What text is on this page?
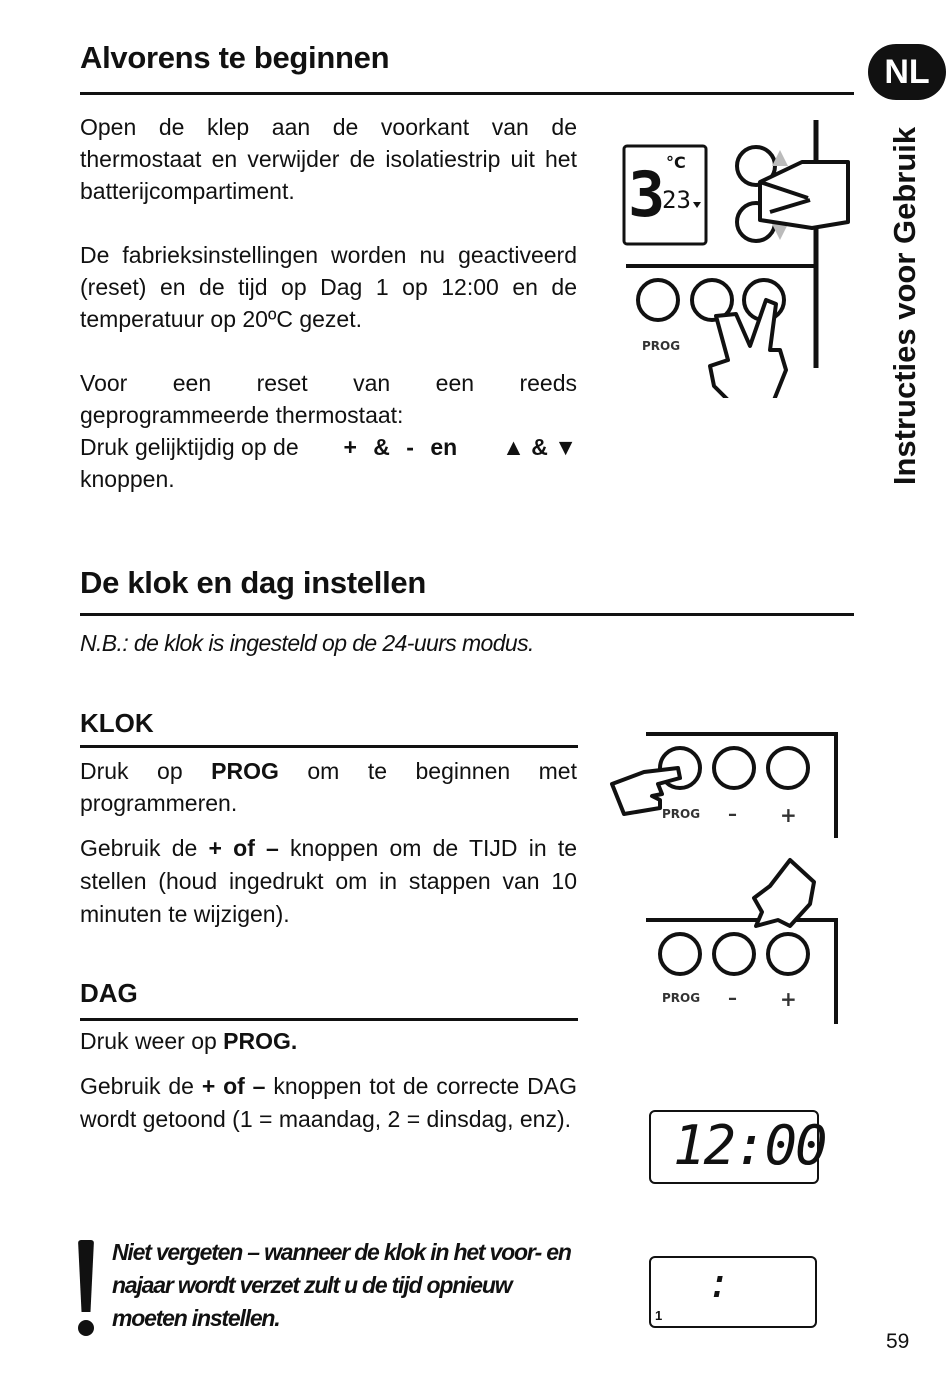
NL
Instructies voor Gebruik
Alvorens te beginnen

Open de klep aan de voorkant van de thermostaat en verwijder de isolatiestrip uit het batterijcompartiment.

De fabrieksinstellingen worden nu geactiveerd (reset) en de tijd op Dag 1 op 12:00 en de temperatuur op 20ºC gezet.

Voor een reset van een reeds geprogrammeerde thermostaat:

Druk gelijktijdig op de + & - en ▲ & ▼

knoppen.

3 °C
23
PROG
De klok en dag instellen
N.B.: de klok is ingesteld op de 24-uurs modus.
KLOK

Druk op PROG om te beginnen met programmeren.

Gebruik de + of – knoppen om de TIJD in te stellen (houd ingedrukt om in stappen van 10 minuten te wijzigen).

PROG – +
PROG – +
DAG

Druk weer op PROG.

Gebruik de + of – knoppen tot de correcte DAG wordt getoond (1 = maandag, 2 = dinsdag, enz). 12:00
:
1
Niet vergeten – wanneer de klok in het voor- en najaar wordt verzet zult u de tijd opnieuw moeten instellen.
59
